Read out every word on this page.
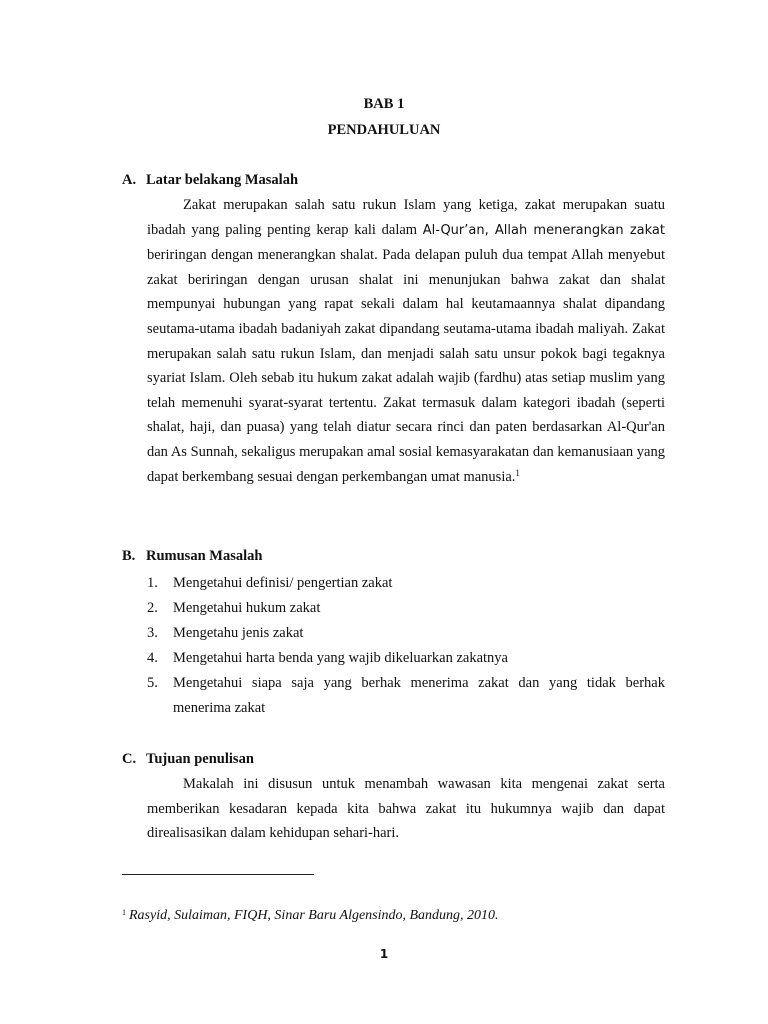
BAB 1
PENDAHULUAN
A. Latar belakang Masalah

Zakat merupakan salah satu rukun Islam yang ketiga, zakat merupakan suatu ibadah yang paling penting kerap kali dalam Al-Qur’an, Allah menerangkan zakat beriringan dengan menerangkan shalat. Pada delapan puluh dua tempat Allah menyebut zakat beriringan dengan urusan shalat ini menunjukan bahwa zakat dan shalat mempunyai hubungan yang rapat sekali dalam hal keutamaannya shalat dipandang seutama-utama ibadah badaniyah zakat dipandang seutama-utama ibadah maliyah. Zakat merupakan salah satu rukun Islam, dan menjadi salah satu unsur pokok bagi tegaknya syariat Islam. Oleh sebab itu hukum zakat adalah wajib (fardhu) atas setiap muslim yang telah memenuhi syarat-syarat tertentu. Zakat termasuk dalam kategori ibadah (seperti shalat, haji, dan puasa) yang telah diatur secara rinci dan paten berdasarkan Al-Qur'an dan As Sunnah, sekaligus merupakan amal sosial kemasyarakatan dan kemanusiaan yang dapat berkembang sesuai dengan perkembangan umat manusia.$^1$

B. Rumusan Masalah
1. Mengetahui definisi/ pengertian zakat
2. Mengetahui hukum zakat
3. Mengetahu jenis zakat
4. Mengetahui harta benda yang wajib dikeluarkan zakatnya
5. Mengetahui siapa saja yang berhak menerima zakat dan yang tidak berhak menerima zakat
C. Tujuan penulisan

Makalah ini disusun untuk menambah wawasan kita mengenai zakat serta memberikan kesadaran kepada kita bahwa zakat itu hukumnya wajib dan dapat direalisasikan dalam kehidupan sehari-hari.

$^1$ Rasyid, Sulaiman, FIQH, Sinar Baru Algensindo, Bandung, 2010.
1
